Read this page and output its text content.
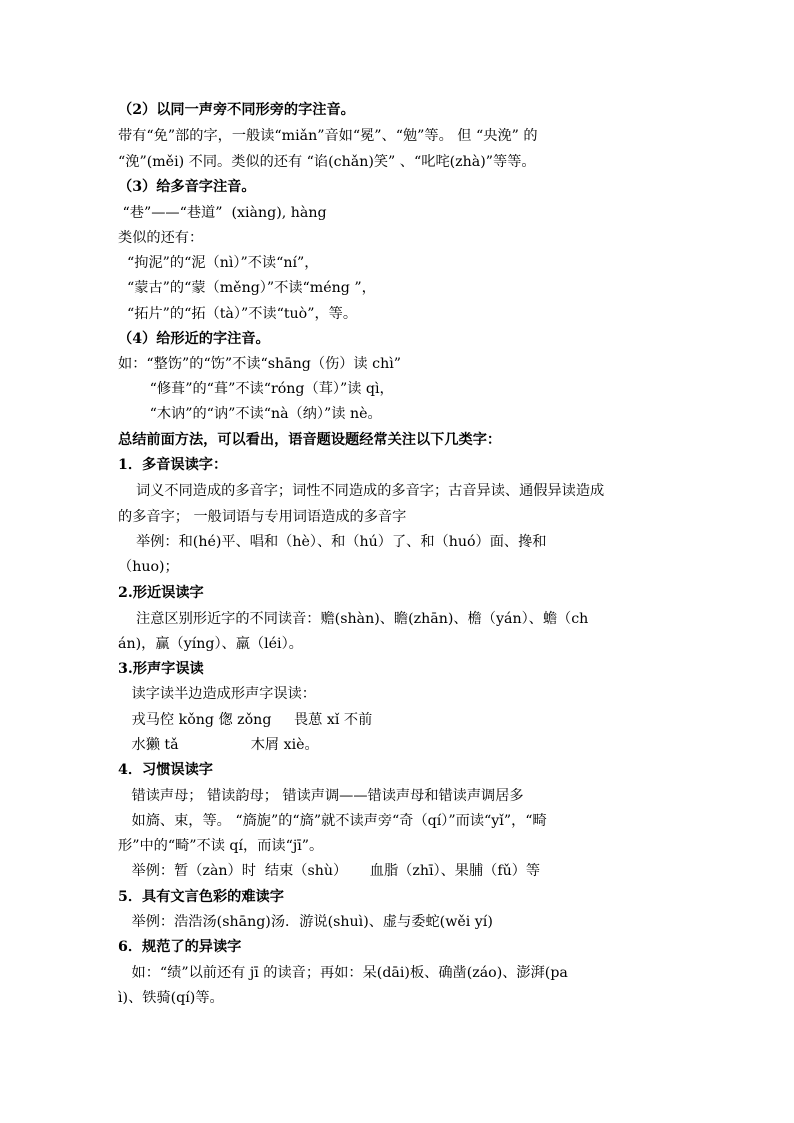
（2）以同一声旁不同形旁的字注音。
带有“免”部的字，一般读“miǎn”音如“冕”、“勉”等。 但 “央浼” 的
“浼”(měi) 不同。类似的还有 “谄(chǎn)笑” 、“叱咤(zhà)”等等。
（3）给多音字注音。
“巷”——“巷道”  (xiàng), hàng
类似的还有：
“拘泥”的“泥（nì）”不读“ní”，
“蒙古”的“蒙（měng）”不读“méng ”，
“拓片”的“拓（tà）”不读“tuò”，等。
（4）给形近的字注音。
如：“整饬”的“饬”不读“shāng（伤）读 chì”
“修葺”的“葺”不读“róng（茸）”读 qì，
“木讷”的“讷”不读“nà（纳）”读 nè。
总结前面方法，可以看出，语音题设题经常关注以下几类字：
1．多音误读字：
词义不同造成的多音字；词性不同造成的多音字；古音异读、通假异读造成
的多音字； 一般词语与专用词语造成的多音字
举例：和(hé)平、唱和（hè）、和（hú）了、和（huó）面、搀和
（huo)；
2.形近误读字
注意区别形近字的不同读音：赡(shàn)、瞻(zhān)、檐（yán）、蟾（ch
án)，赢（yíng）、羸（léi）。
3.形声字误读
读字读半边造成形声字误读：
戎马倥 kǒng 偬 zǒng     畏葸 xǐ 不前
水獭 tǎ                木屑 xiè。
4．习惯误读字
错读声母； 错读韵母； 错读声调——错读声母和错读声调居多
如旖、束，等。 “旖旎”的“旖”就不读声旁“奇（qí）”而读“yǐ”，“畸
形”中的“畸”不读 qí，而读“jī”。
举例：暂（zàn）时  结束（shù）     血脂（zhī）、果脯（fǔ）等
5．具有文言色彩的难读字
举例：浩浩汤(shāng)汤．游说(shuì)、虚与委蛇(wěi yí)
6．规范了的异读字
如：“绩”以前还有 jī 的读音；再如：呆(dāi)板、确凿(záo)、澎湃(pa
ì)、铁骑(qí)等。
